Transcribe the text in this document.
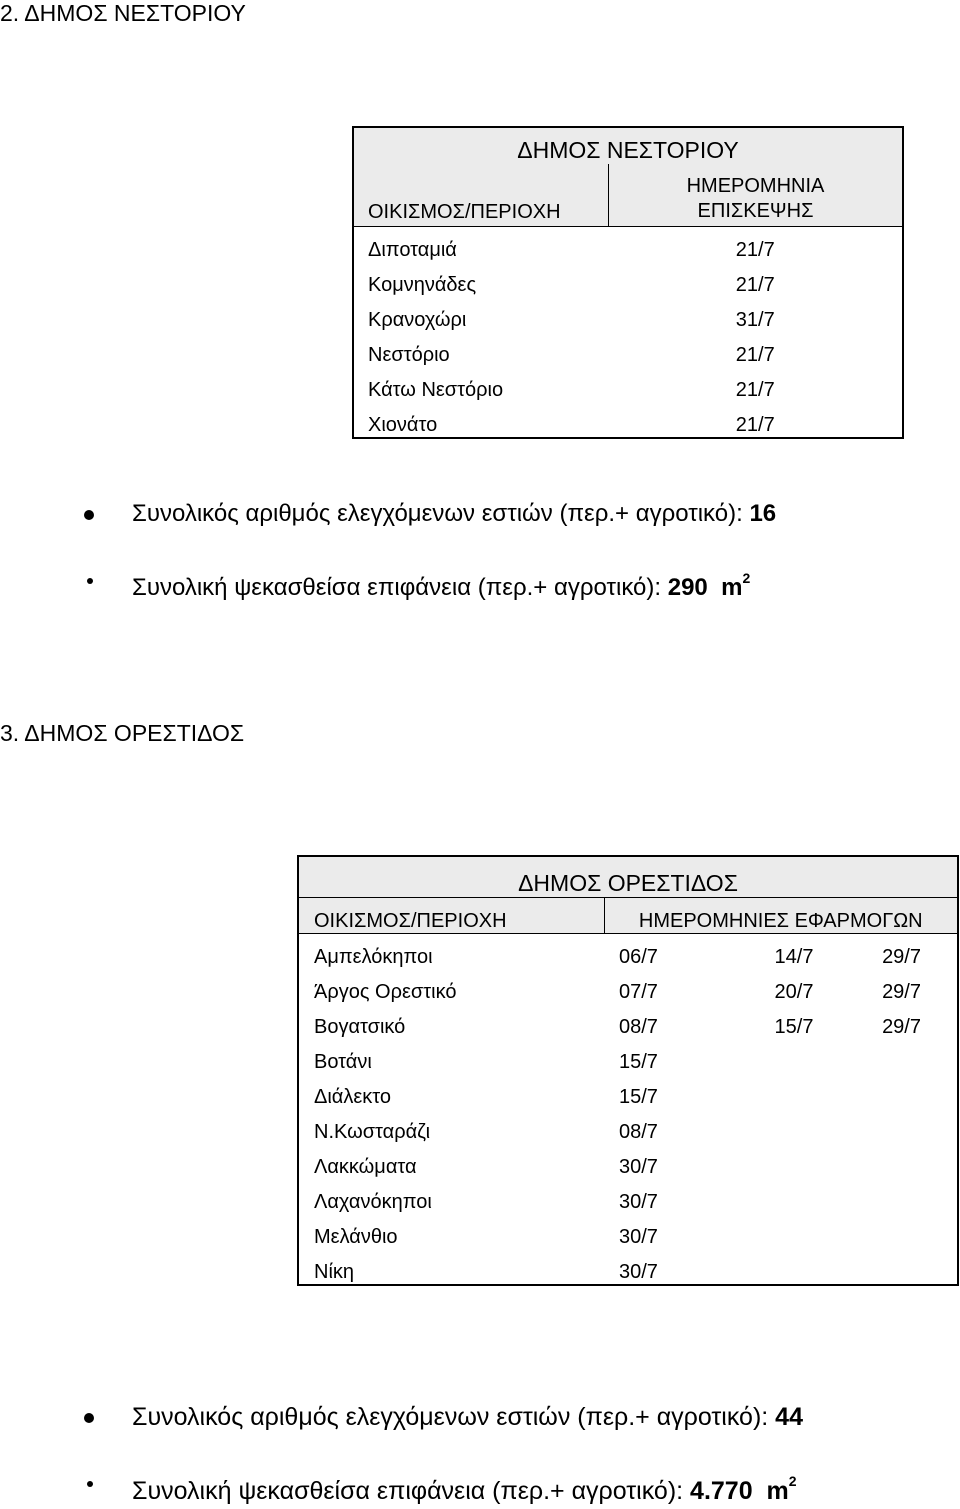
2. ΔΗΜΟΣ ΝΕΣΤΟΡΙΟΥ
ΔΗΜΟΣ ΝΕΣΤΟΡΙΟΥ	
ΟΙΚΙΣΜΟΣ/ΠΕΡΙΟΧΗ	ΗΜΕΡΟΜΗΝΙΑ
ΕΠΙΣΚΕΨΗΣ

Διποταμιά	21/7
Κομνηνάδες	21/7
Κρανοχώρι	31/7
Νεστόριο	21/7
Κάτω Νεστόριο	21/7
Χιονάτο	21/7

Συνολικός αριθμός ελεγχόμενων εστιών (περ.+ αγροτικό): 16

Συνολική ψεκασθείσα επιφάνεια (περ.+ αγροτικό): 290  $m^2$

3. ΔΗΜΟΣ ΟΡΕΣΤΙΔΟΣ
ΔΗΜΟΣ ΟΡΕΣΤΙΔΟΣ			
ΟΙΚΙΣΜΟΣ/ΠΕΡΙΟΧΗ	ΗΜΕΡΟΜΗΝΙΕΣ ΕΦΑΡΜΟΓΩΝ		
Αμπελόκηποι	06/7	14/7	29/7
Άργος Ορεστικό	07/7	20/7	29/7
Βογατσικό	08/7	15/7	29/7
Βοτάνι	15/7		
Διάλεκτο	15/7		
Ν.Κωσταράζι	08/7		
Λακκώματα	30/7		
Λαχανόκηποι	30/7		
Μελάνθιο	30/7		
Νίκη	30/7		

Συνολικός αριθμός ελεγχόμενων εστιών (περ.+ αγροτικό): 44

Συνολική ψεκασθείσα επιφάνεια (περ.+ αγροτικό): 4.770  $m^2$
